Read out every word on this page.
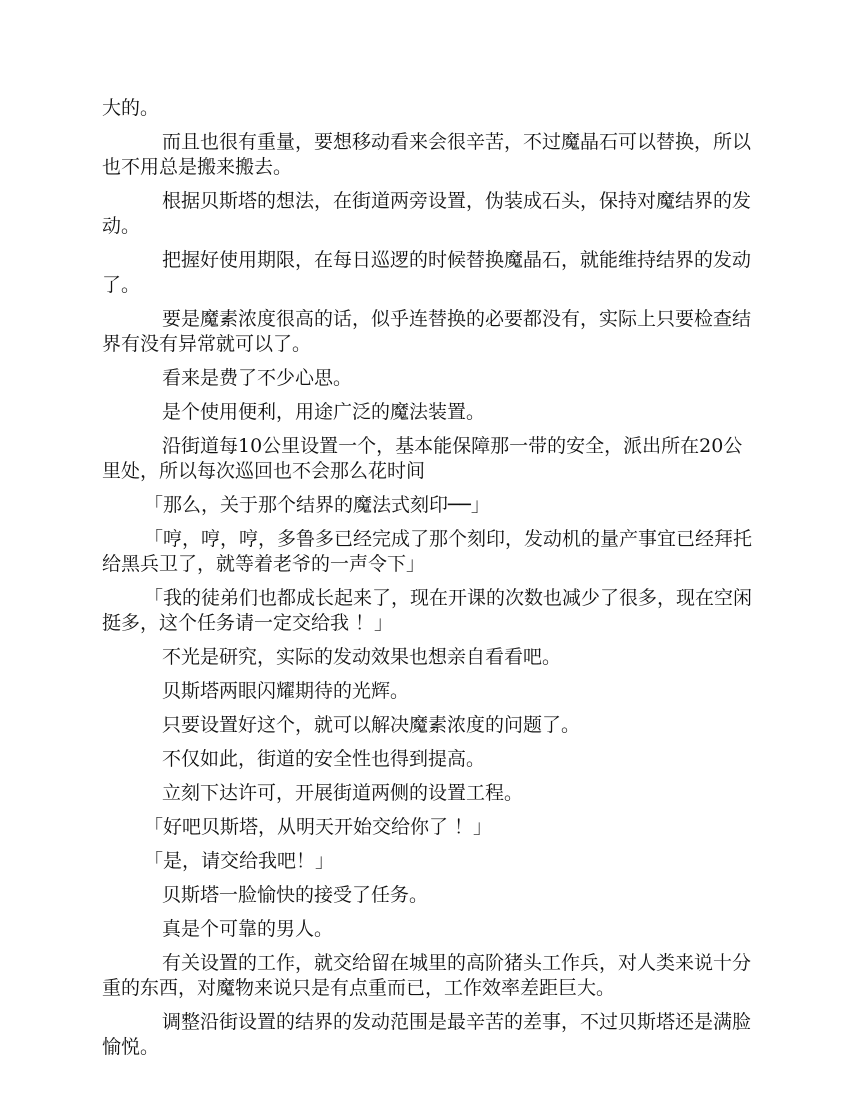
大的。

而且也很有重量，要想移动看来会很辛苦，不过魔晶石可以替换，所以也不用总是搬来搬去。

根据贝斯塔的想法，在街道两旁设置，伪装成石头，保持对魔结界的发动。

把握好使用期限，在每日巡逻的时候替换魔晶石，就能维持结界的发动了。

要是魔素浓度很高的话，似乎连替换的必要都没有，实际上只要检查结界有没有异常就可以了。

看来是费了不少心思。

是个使用便利，用途广泛的魔法装置。

沿街道每10公里设置一个，基本能保障那一带的安全，派出所在20公里处，所以每次巡回也不会那么花时间

「那么，关于那个结界的魔法式刻印──」

「哼，哼，哼，多鲁多已经完成了那个刻印，发动机的量产事宜已经拜托给黑兵卫了，就等着老爷的一声令下」

「我的徒弟们也都成长起来了，现在开课的次数也减少了很多，现在空闲挺多，这个任务请一定交给我 ！」

不光是研究，实际的发动效果也想亲自看看吧。

贝斯塔两眼闪耀期待的光辉。

只要设置好这个，就可以解决魔素浓度的问题了。

不仅如此，街道的安全性也得到提高。

立刻下达许可，开展街道两侧的设置工程。

「好吧贝斯塔，从明天开始交给你了 ！」

「是，请交给我吧！」

贝斯塔一脸愉快的接受了任务。

真是个可靠的男人。

有关设置的工作，就交给留在城里的高阶猪头工作兵，对人类来说十分重的东西，对魔物来说只是有点重而已，工作效率差距巨大。

调整沿街设置的结界的发动范围是最辛苦的差事，不过贝斯塔还是满脸愉悦。
